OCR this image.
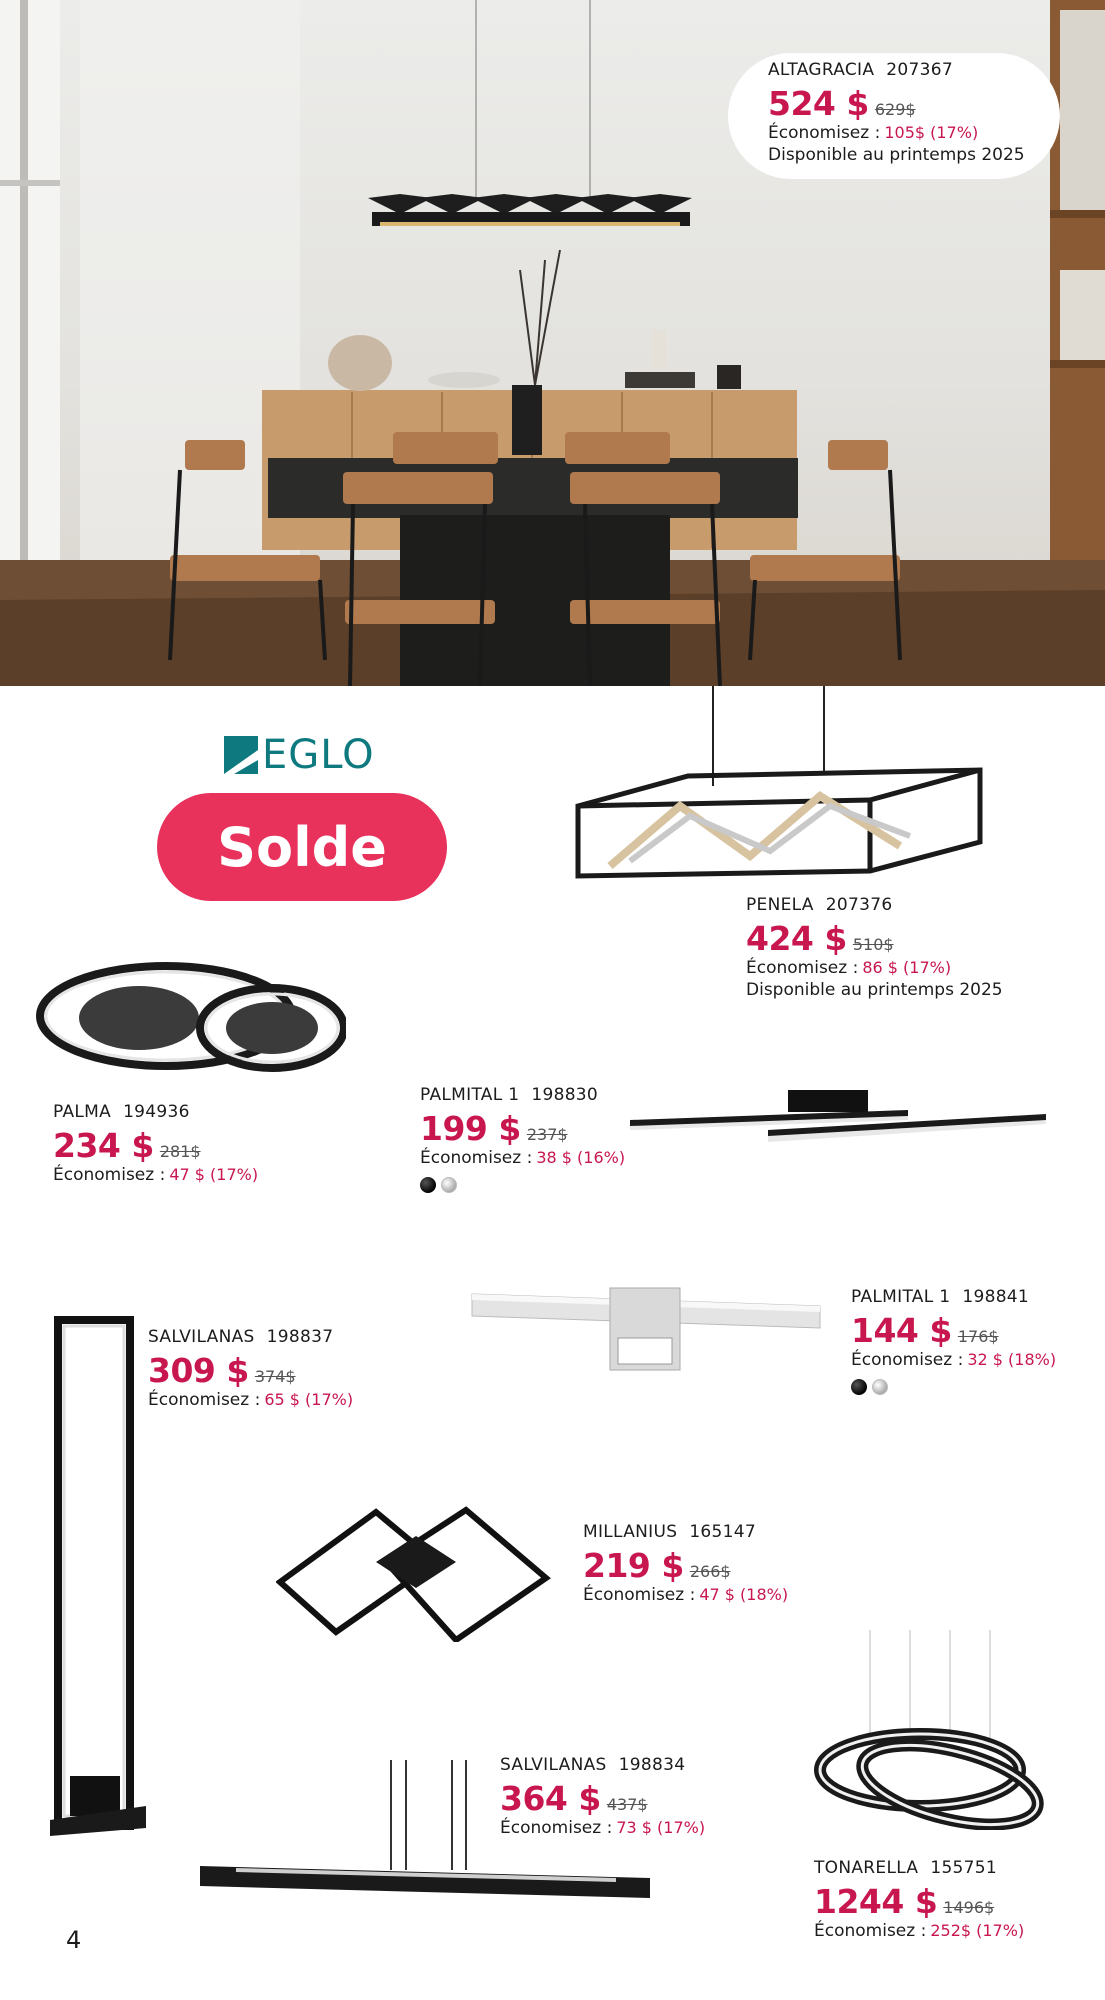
ALTAGRACIA 207367
524 $ 629$
Économisez : 105$ (17%)
Disponible au printemps 2025
EGLO
Solde
PENELA 207376
424 $ 510$
Économisez : 86 $ (17%)
Disponible au printemps 2025
PALMA 194936
234 $ 281$
Économisez : 47 $ (17%)
PALMITAL 1 198830
199 $ 237$
Économisez : 38 $ (16%)
PALMITAL 1 198841
144 $ 176$
Économisez : 32 $ (18%)
SALVILANAS 198837
309 $ 374$
Économisez : 65 $ (17%)
MILLANIUS 165147
219 $ 266$
Économisez : 47 $ (18%)
SALVILANAS 198834
364 $ 437$
Économisez : 73 $ (17%)
TONARELLA 155751
1244 $ 1496$
Économisez : 252$ (17%)
4
